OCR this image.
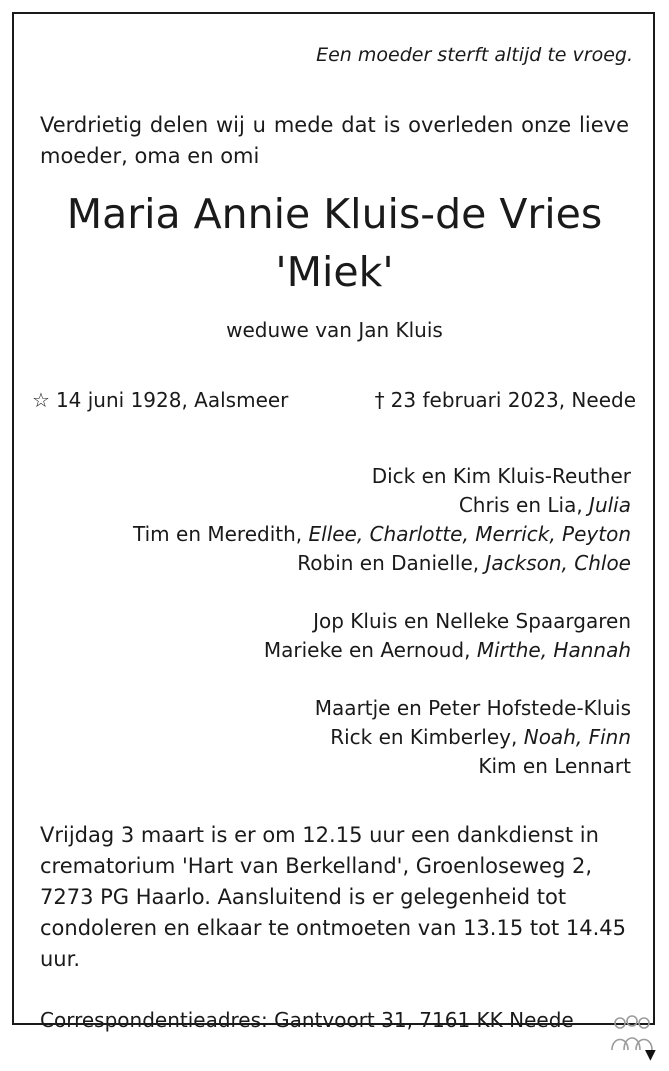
Een moeder sterft altijd te vroeg.
Verdrietig delen wij u mede dat is overleden onze lieve moeder, oma en omi
Maria Annie Kluis-de Vries
'Miek'
weduwe van Jan Kluis
☆ 14 juni 1928, Aalsmeer	† 23 februari 2023, Neede
Dick en Kim Kluis-Reuther
Chris en Lia, Julia
Tim en Meredith, Ellee, Charlotte, Merrick, Peyton
Robin en Danielle, Jackson, Chloe
Jop Kluis en Nelleke Spaargaren
Marieke en Aernoud, Mirthe, Hannah
Maartje en Peter Hofstede-Kluis
Rick en Kimberley, Noah, Finn
Kim en Lennart
Vrijdag 3 maart is er om 12.15 uur een dankdienst in crematorium 'Hart van Berkelland', Groenloseweg 2, 7273 PG Haarlo. Aansluitend is er gelegenheid tot condoleren en elkaar te ontmoeten van 13.15 tot 14.45 uur.
Correspondentieadres: Gantvoort 31, 7161 KK Neede
▼
